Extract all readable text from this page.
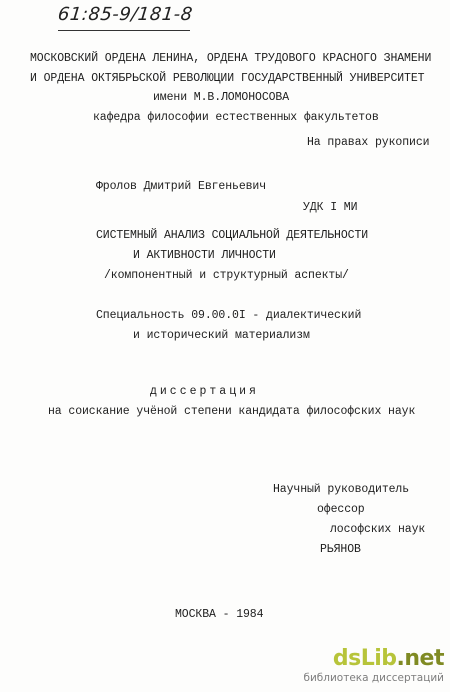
61:85-9/181-8
МОСКОВСКИЙ ОРДЕНА ЛЕНИНА, ОРДЕНА ТРУДОВОГО КРАСНОГО ЗНАМЕНИ
И ОРДЕНА ОКТЯБРЬСКОЙ РЕВОЛЮЦИИ ГОСУДАРСТВЕННЫЙ УНИВЕРСИТЕТ
имени М.В.ЛОМОНОСОВА
кафедра философии естественных факультетов
На правах рукописи
Фролов Дмитрий Евгеньевич
УДК I МИ
СИСТЕМНЫЙ АНАЛИЗ СОЦИАЛЬНОЙ ДЕЯТЕЛЬНОСТИ
И АКТИВНОСТИ ЛИЧНОСТИ
/компонентный и структурный аспекты/
Специальность 09.00.0I - диалектический
и исторический материализм
диссертация
на соискание учёной степени кандидата философских наук
Научный руководитель
офессор
лософских наук
РЬЯНОВ
МОСКВА - 1984
dsLib.net
библиотека диссертаций
